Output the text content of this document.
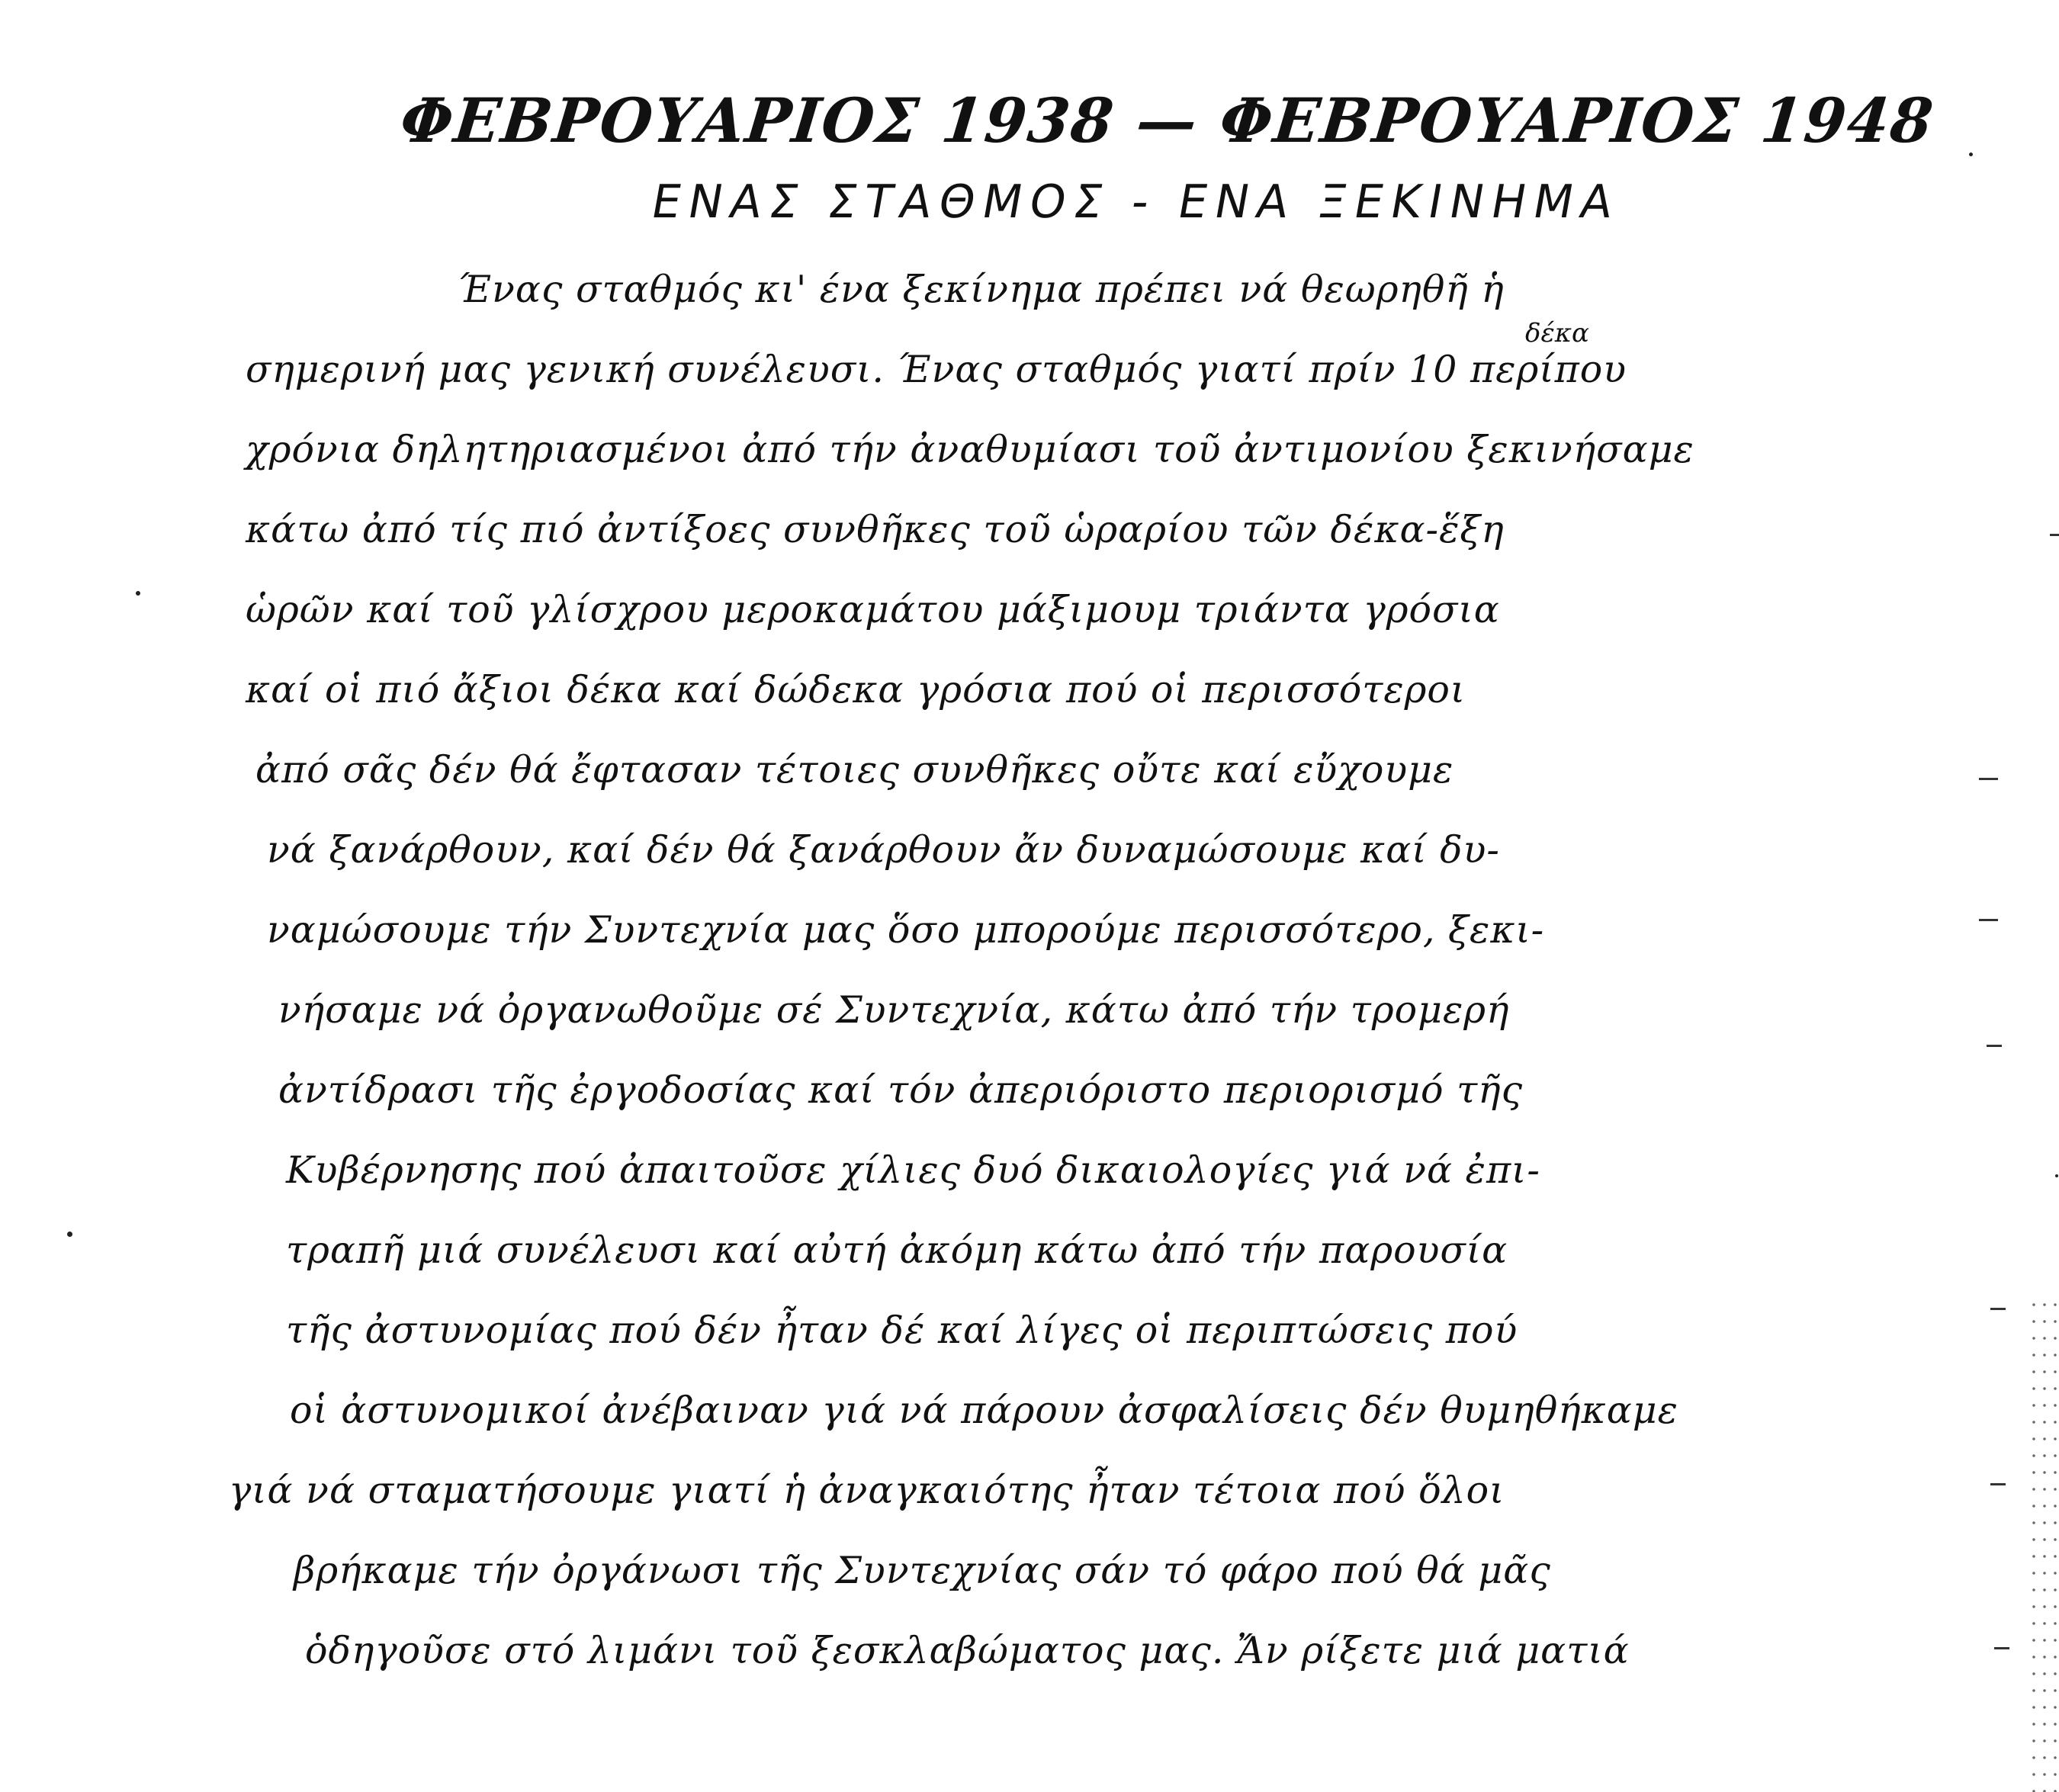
ΦΕΒΡΟΥΑΡΙΟΣ 1938 — ΦΕΒΡΟΥΑΡΙΟΣ 1948
ΕΝΑΣ ΣΤΑΘΜΟΣ - ΕΝΑ ΞΕΚΙΝΗΜΑ
δέκα
Ένας σταθμός κι' ένα ξεκίνημα πρέπει νά θεωρηθῆ ἡ
σημερινή μας γενική συνέλευσι. Ένας σταθμός γιατί πρίν 10 περίπου
χρόνια δηλητηριασμένοι ἀπό τήν ἀναθυμίασι τοῦ ἀντιμονίου ξεκινήσαμε
κάτω ἀπό τίς πιό ἀντίξοες συνθῆκες τοῦ ὡραρίου τῶν δέκα-ἕξη
ὡρῶν καί τοῦ γλίσχρου μεροκαμάτου μάξιμουμ τριάντα γρόσια
καί οἱ πιό ἄξιοι δέκα καί δώδεκα γρόσια πού οἱ περισσότεροι
ἀπό σᾶς δέν θά ἔφτασαν τέτοιες συνθῆκες οὔτε καί εὔχουμε
νά ξανάρθουν, καί δέν θά ξανάρθουν ἄν δυναμώσουμε καί δυ-
ναμώσουμε τήν Συντεχνία μας ὅσο μπορούμε περισσότερο, ξεκι-
νήσαμε νά ὀργανωθοῦμε σέ Συντεχνία, κάτω ἀπό τήν τρομερή
ἀντίδρασι τῆς ἐργοδοσίας καί τόν ἀπεριόριστο περιορισμό τῆς
Κυβέρνησης πού ἀπαιτοῦσε χίλιες δυό δικαιολογίες γιά νά ἐπι-
τραπῆ μιά συνέλευσι καί αὐτή ἀκόμη κάτω ἀπό τήν παρουσία
τῆς ἀστυνομίας πού δέν ἦταν δέ καί λίγες οἱ περιπτώσεις πού
οἱ ἀστυνομικοί ἀνέβαιναν γιά νά πάρουν ἀσφαλίσεις δέν θυμηθήκαμε
γιά νά σταματήσουμε γιατί ἡ ἀναγκαιότης ἦταν τέτοια πού ὅλοι
βρήκαμε τήν ὀργάνωσι τῆς Συντεχνίας σάν τό φάρο πού θά μᾶς
ὁδηγοῦσε στό λιμάνι τοῦ ξεσκλαβώματος μας. Ἄν ρίξετε μιά ματιά
